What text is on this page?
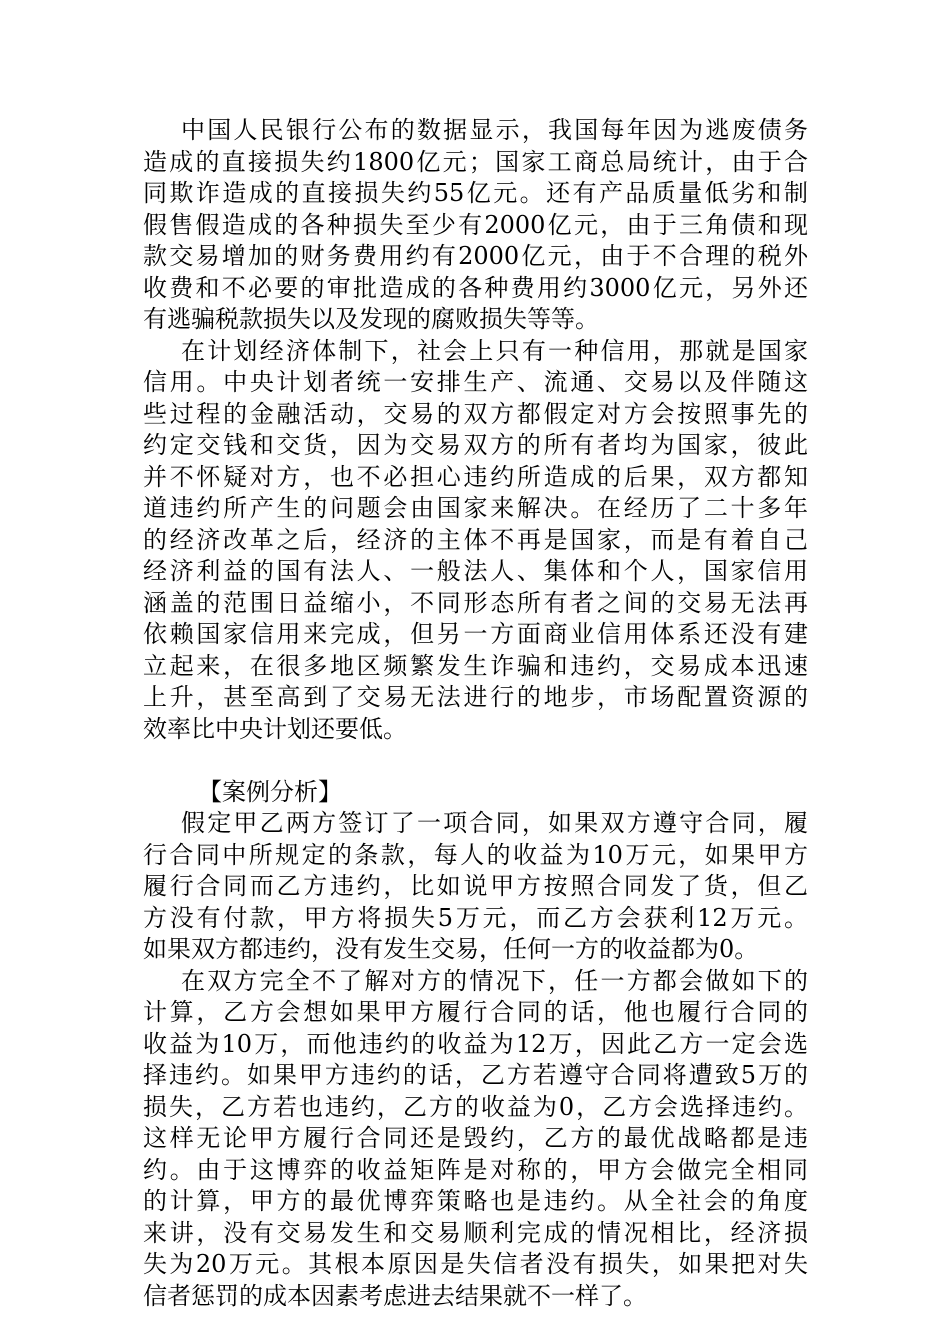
中国人民银行公布的数据显示，我国每年因为逃废债务
造成的直接损失约1800亿元；国家工商总局统计，由于合
同欺诈造成的直接损失约55亿元。还有产品质量低劣和制
假售假造成的各种损失至少有2000亿元，由于三角债和现
款交易增加的财务费用约有2000亿元，由于不合理的税外
收费和不必要的审批造成的各种费用约3000亿元，另外还
有逃骗税款损失以及发现的腐败损失等等。
在计划经济体制下，社会上只有一种信用，那就是国家
信用。中央计划者统一安排生产、流通、交易以及伴随这
些过程的金融活动，交易的双方都假定对方会按照事先的
约定交钱和交货，因为交易双方的所有者均为国家，彼此
并不怀疑对方，也不必担心违约所造成的后果，双方都知
道违约所产生的问题会由国家来解决。在经历了二十多年
的经济改革之后，经济的主体不再是国家，而是有着自己
经济利益的国有法人、一般法人、集体和个人，国家信用
涵盖的范围日益缩小，不同形态所有者之间的交易无法再
依赖国家信用来完成，但另一方面商业信用体系还没有建
立起来，在很多地区频繁发生诈骗和违约，交易成本迅速
上升，甚至高到了交易无法进行的地步，市场配置资源的
效率比中央计划还要低。
【案例分析】
假定甲乙两方签订了一项合同，如果双方遵守合同，履
行合同中所规定的条款，每人的收益为10万元，如果甲方
履行合同而乙方违约，比如说甲方按照合同发了货，但乙
方没有付款，甲方将损失5万元，而乙方会获利12万元。
如果双方都违约，没有发生交易，任何一方的收益都为0。
在双方完全不了解对方的情况下，任一方都会做如下的
计算，乙方会想如果甲方履行合同的话，他也履行合同的
收益为10万，而他违约的收益为12万，因此乙方一定会选
择违约。如果甲方违约的话，乙方若遵守合同将遭致5万的
损失，乙方若也违约，乙方的收益为0，乙方会选择违约。
这样无论甲方履行合同还是毁约，乙方的最优战略都是违
约。由于这博弈的收益矩阵是对称的，甲方会做完全相同
的计算，甲方的最优博弈策略也是违约。从全社会的角度
来讲，没有交易发生和交易顺利完成的情况相比，经济损
失为20万元。其根本原因是失信者没有损失，如果把对失
信者惩罚的成本因素考虑进去结果就不一样了。
